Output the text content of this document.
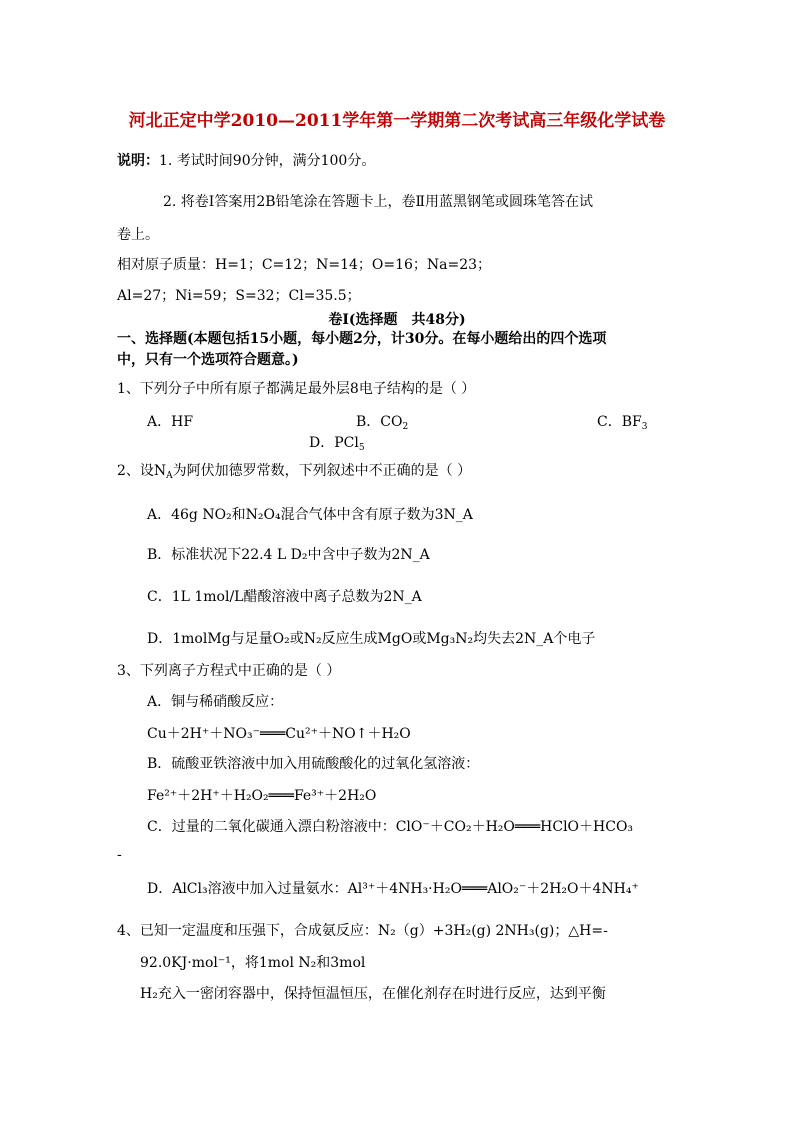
河北正定中学2010—2011学年第一学期第二次考试高三年级化学试卷
说明：1. 考试时间90分钟，满分100分。
2. 将卷Ⅰ答案用2B铅笔涂在答题卡上，卷Ⅱ用蓝黑钢笔或圆珠笔答在试
卷上。
相对原子质量：H=1；C=12；N=14；O=16；Na=23；
Al=27；Ni=59；S=32；Cl=35.5；
卷Ⅰ(选择题　共48分)
一、选择题(本题包括15小题，每小题2分，计30分。在每小题给出的四个选项
中，只有一个选项符合题意。)
1、下列分子中所有原子都满足最外层8电子结构的是（ ）
A．HF	B．$CO_2$	C．$BF_3$
D．PCl$_5$
2、设$N_A$为阿伏加德罗常数，下列叙述中不正确的是（ ）
A．46g NO₂和N₂O₄混合气体中含有原子数为3N_A
B．标准状况下22.4 L D₂中含中子数为2N_A
C．1L 1mol/L醋酸溶液中离子总数为2N_A
D．1molMg与足量O₂或N₂反应生成MgO或Mg₃N₂均失去2N_A个电子
3、下列离子方程式中正确的是（ ）
A．铜与稀硝酸反应：
Cu＋2H⁺＋NO₃⁻═══Cu²⁺＋NO↑＋H₂O
B．硫酸亚铁溶液中加入用硫酸酸化的过氧化氢溶液：
Fe²⁺＋2H⁺＋H₂O₂═══Fe³⁺＋2H₂O
C．过量的二氧化碳通入漂白粉溶液中：ClO⁻＋CO₂＋H₂O═══HClO＋HCO₃
-
D．AlCl₃溶液中加入过量氨水：Al³⁺＋4NH₃·H₂O═══AlO₂⁻＋2H₂O＋4NH₄⁺
4、已知一定温度和压强下，合成氨反应：N₂（g）+3H₂(g) 2NH₃(g)；△H=-
92.0KJ·mol⁻¹，将1mol N₂和3mol
H₂充入一密闭容器中，保持恒温恒压，在催化剂存在时进行反应，达到平衡
